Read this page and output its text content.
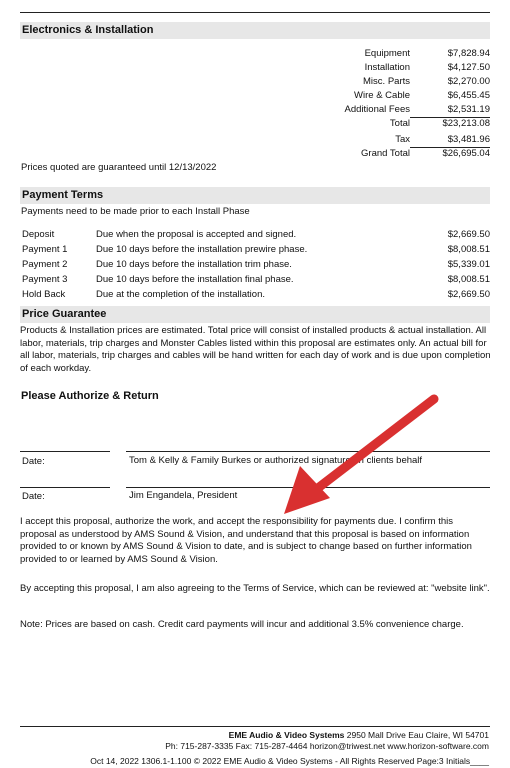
Electronics & Installation
Equipment	$7,828.94
Installation	$4,127.50
Misc. Parts	$2,270.00
Wire & Cable	$6,455.45
Additional Fees	$2,531.19
Total	$23,213.08
Tax	$3,481.96
Grand Total	$26,695.04
Prices quoted are guaranteed until 12/13/2022
Payment Terms
Payments need to be made prior to each Install Phase
Deposit	Due when the proposal is accepted and signed.	$2,669.50
Payment 1	Due 10 days before the installation prewire phase.	$8,008.51
Payment 2	Due 10 days before the installation trim phase.	$5,339.01
Payment 3	Due 10 days before the installation final phase.	$8,008.51
Hold Back	Due at the completion of the installation.	$2,669.50
Price Guarantee
Products & Installation prices are estimated. Total price will consist of installed products & actual installation. All labor, materials, trip charges and Monster Cables listed within this proposal are estimates only. An actual bill for all labor, materials, trip charges and cables will be hand written for each day of work and is due upon completion of each workday.
Please Authorize & Return
Date:	Tom & Kelly & Family Burkes or authorized signature on clients behalf
Date:	Jim Engandela, President
I accept this proposal, authorize the work, and accept the responsibility for payments due. I confirm this proposal as understood by AMS Sound & Vision, and understand that this proposal is based on information provided to or known by AMS Sound & Vision to date, and is subject to change based on further information provided to or learned by AMS Sound & Vision.
By accepting this proposal, I am also agreeing to the Terms of Service, which can be reviewed at: "website link".
Note: Prices are based on cash. Credit card payments will incur and additional 3.5% convenience charge.
EME Audio & Video Systems 2950 Mall Drive Eau Claire, WI 54701
Ph: 715-287-3335 Fax: 715-287-4464 horizon@triwest.net www.horizon-software.com
Oct 14, 2022 1306.1-1.100 © 2022 EME Audio & Video Systems - All Rights Reserved Page:3 Initials____
